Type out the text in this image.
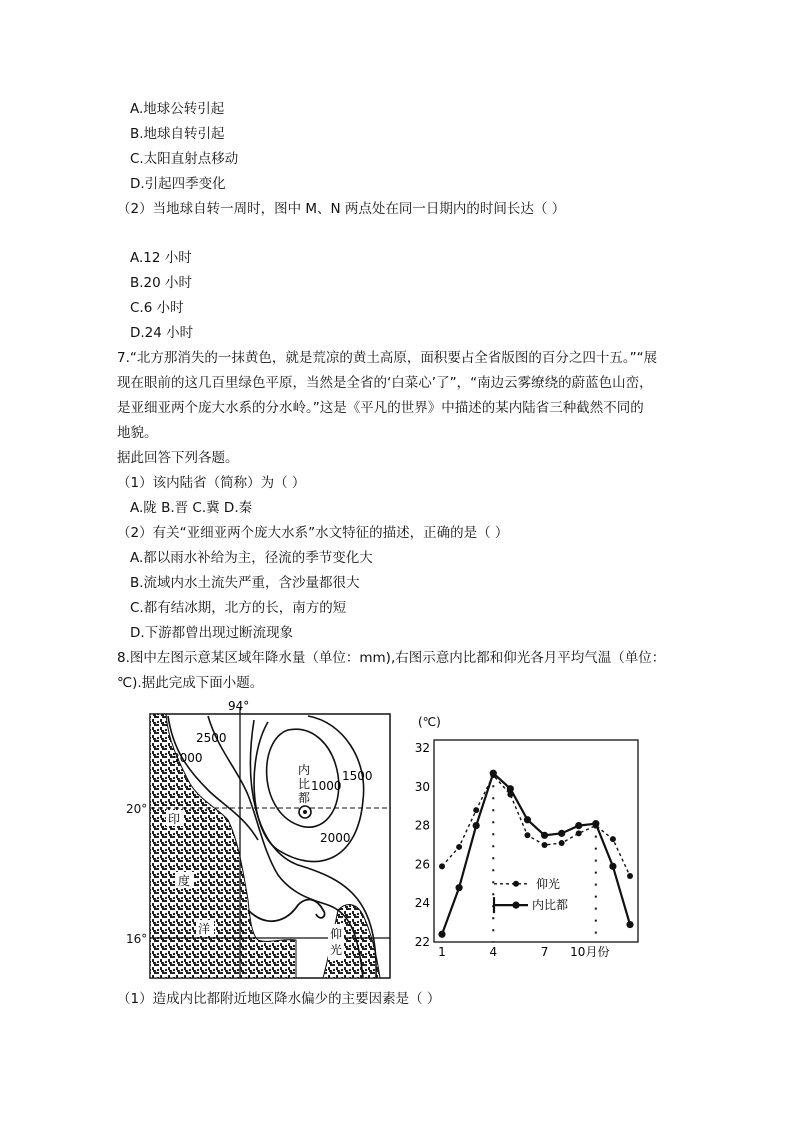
A.地球公转引起
B.地球自转引起
C.太阳直射点移动
D.引起四季变化
（2）当地球自转一周时，图中 M、N 两点处在同一日期内的时间长达（ ）
A.12 小时
B.20 小时
C.6 小时
D.24 小时
7.“北方那消失的一抹黄色，就是荒凉的黄土高原，面积要占全省版图的百分之四十五。”“展
现在眼前的这几百里绿色平原，当然是全省的‘白菜心’了”，“南边云雾缭绕的蔚蓝色山峦，
是亚细亚两个庞大水系的分水岭。”这是《平凡的世界》中描述的某内陆省三种截然不同的
地貌。
据此回答下列各题。
（1）该内陆省（简称）为（ ）
A.陇 B.晋 C.冀 D.秦
（2）有关“亚细亚两个庞大水系”水文特征的描述，正确的是（ ）
A.都以雨水补给为主，径流的季节变化大
B.流域内水土流失严重，含沙量都很大
C.都有结冰期，北方的长，南方的短
D.下游都曾出现过断流现象
8.图中左图示意某区域年降水量（单位：mm),右图示意内比都和仰光各月平均气温（单位：
℃).据此完成下面小题。
94°
2500
3000
1500
1000
2000
内
比
都
印
度
洋	仰
光
20°
16°
(℃)
32
30
28
26
24
22
1	4	7 10月份
仰光
内比都
（1）造成内比都附近地区降水偏少的主要因素是（ ）
